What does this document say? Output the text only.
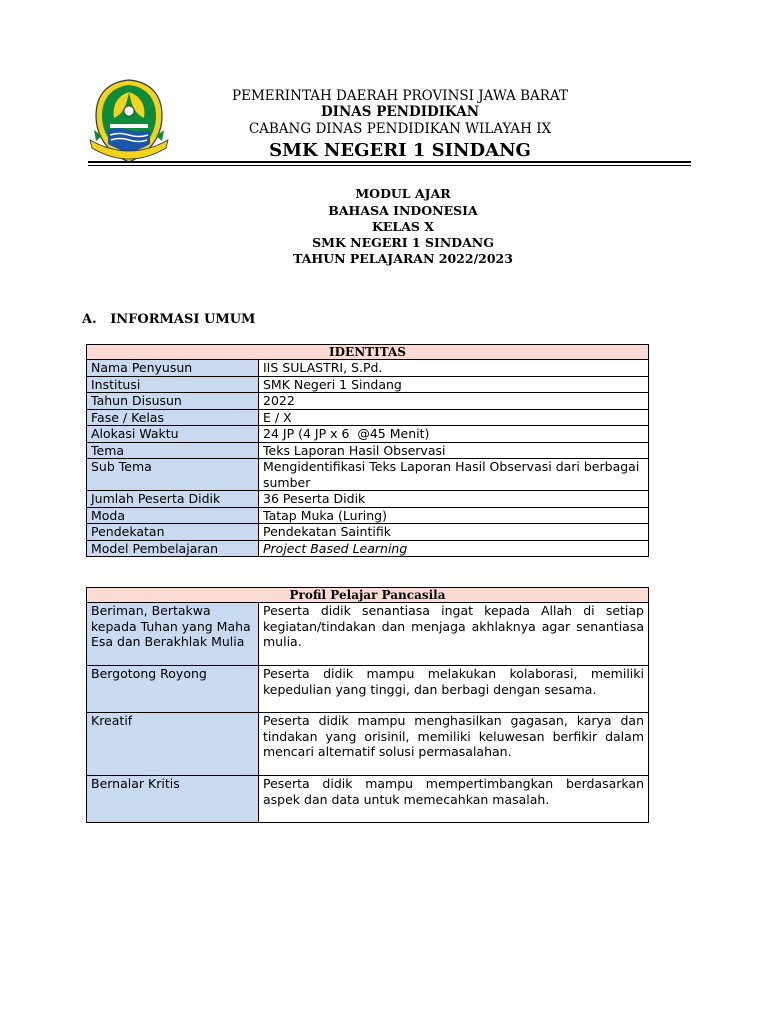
PEMERINTAH DAERAH PROVINSI JAWA BARAT
DINAS PENDIDIKAN
CABANG DINAS PENDIDIKAN WILAYAH IX
SMK NEGERI 1 SINDANG
MODUL AJAR
BAHASA INDONESIA
KELAS X
SMK NEGERI 1 SINDANG
TAHUN PELAJARAN 2022/2023
A.   INFORMASI UMUM
IDENTITAS	
Nama Penyusun	IIS SULASTRI, S.Pd.
Institusi	SMK Negeri 1 Sindang
Tahun Disusun	2022
Fase / Kelas	E / X
Alokasi Waktu	24 JP (4 JP x 6  @45 Menit)
Tema	Teks Laporan Hasil Observasi
Sub Tema	Mengidentifikasi Teks Laporan Hasil Observasi dari berbagai sumber
Jumlah Peserta Didik	36 Peserta Didik
Moda	Tatap Muka (Luring)
Pendekatan	Pendekatan Saintifik
Model Pembelajaran	Project Based Learning
Profil Pelajar Pancasila	
Beriman, Bertakwa kepada Tuhan yang Maha Esa dan Berakhlak Mulia	Peserta didik senantiasa ingat kepada Allah di setiap kegiatan/tindakan dan menjaga akhlaknya agar senantiasa mulia.
Bergotong Royong	Peserta didik mampu melakukan kolaborasi, memiliki kepedulian yang tinggi, dan berbagi dengan sesama.
Kreatif	Peserta didik mampu menghasilkan gagasan, karya dan tindakan yang orisinil, memiliki keluwesan berfikir dalam mencari alternatif solusi permasalahan.
Bernalar Kritis	Peserta didik mampu mempertimbangkan berdasarkan aspek dan data untuk memecahkan masalah.
